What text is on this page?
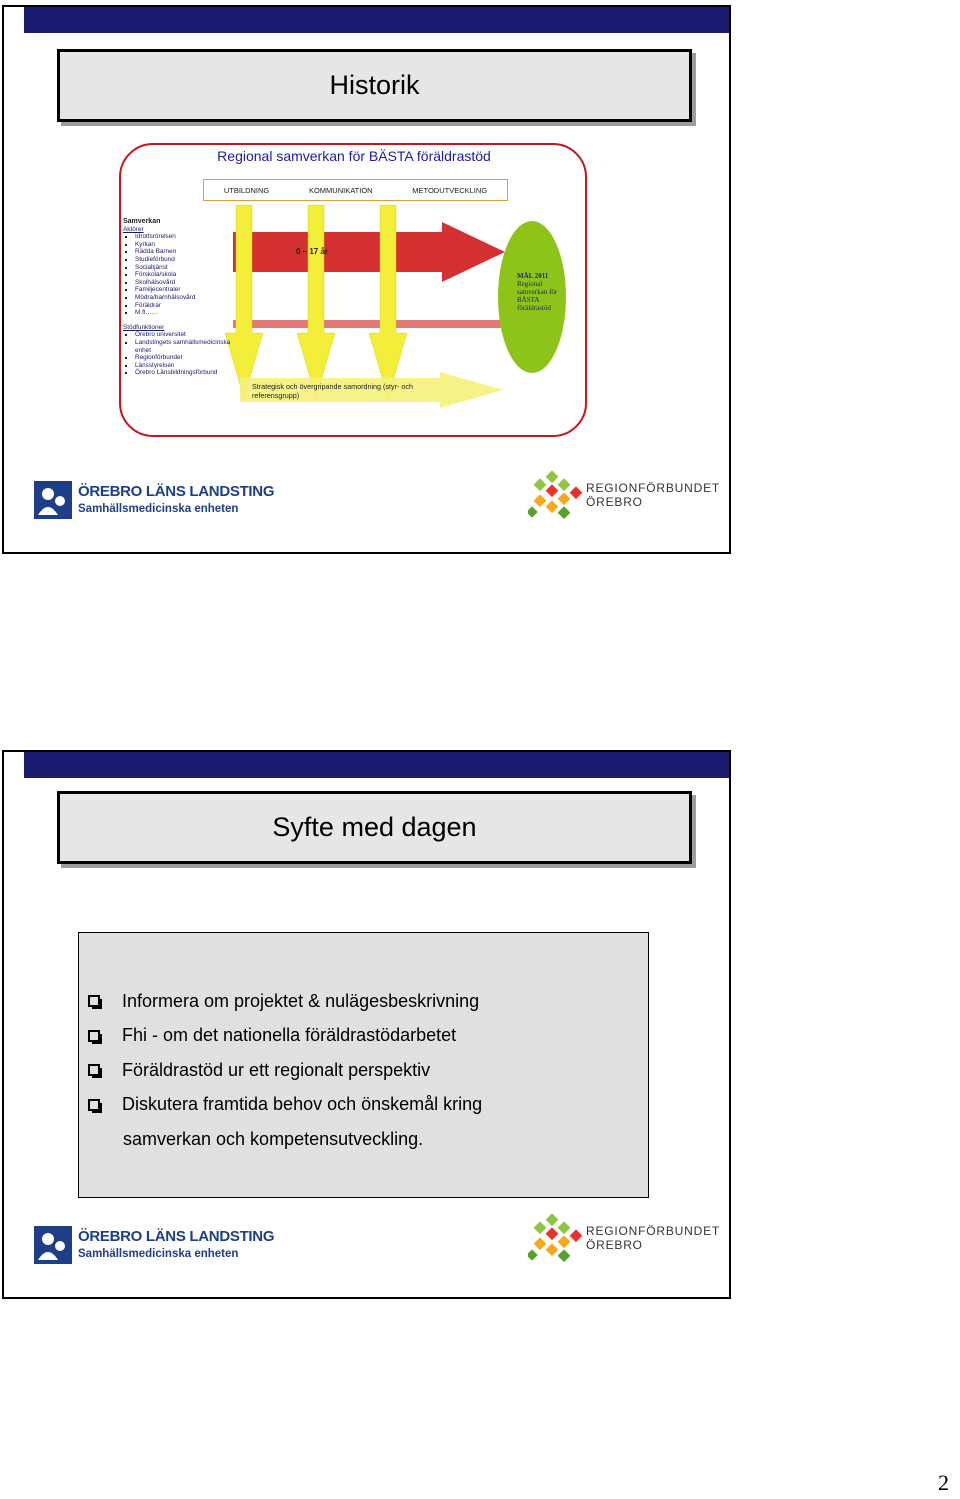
Historik
Regional samverkan för BÄSTA föräldrastöd
UTBILDNING	KOMMUNIKATION	METODUTVECKLING
Samverkan
Aktörer
▪ Idrottsrörelsen
▪ Kyrkan
▪ Rädda Barnen
▪ Studieförbund
▪ Socialtjänst
▪ Förskola/skola
▪ Skolhälsovård
▪ Familjecentraler
▪ Mödra/barnhälsovård
▪ Föräldrar
▪ M.fl……
Stödfunktioner
▪ Örebro universitet
▪ Landstingets samhällsmedicinska enhet
▪ Regionförbundet
▪ Länsstyrelsen
▪ Örebro Länsbildningsförbund
0 – 17 år
MÅL 2011
Regional samverkan för BÄSTA föräldrastöd
Strategisk och övergripande samordning (styr- och referensgrupp)
ÖREBRO LÄNS LANDSTING
Samhällsmedicinska enheten
REGIONFÖRBUNDET
ÖREBRO
Syfte med dagen
Informera om projektet & nulägesbeskrivning
Fhi - om det nationella föräldrastödarbetet
Föräldrastöd ur ett regionalt perspektiv
Diskutera framtida behov och önskemål kring
samverkan och kompetensutveckling.
ÖREBRO LÄNS LANDSTING
Samhällsmedicinska enheten
REGIONFÖRBUNDET
ÖREBRO
2
